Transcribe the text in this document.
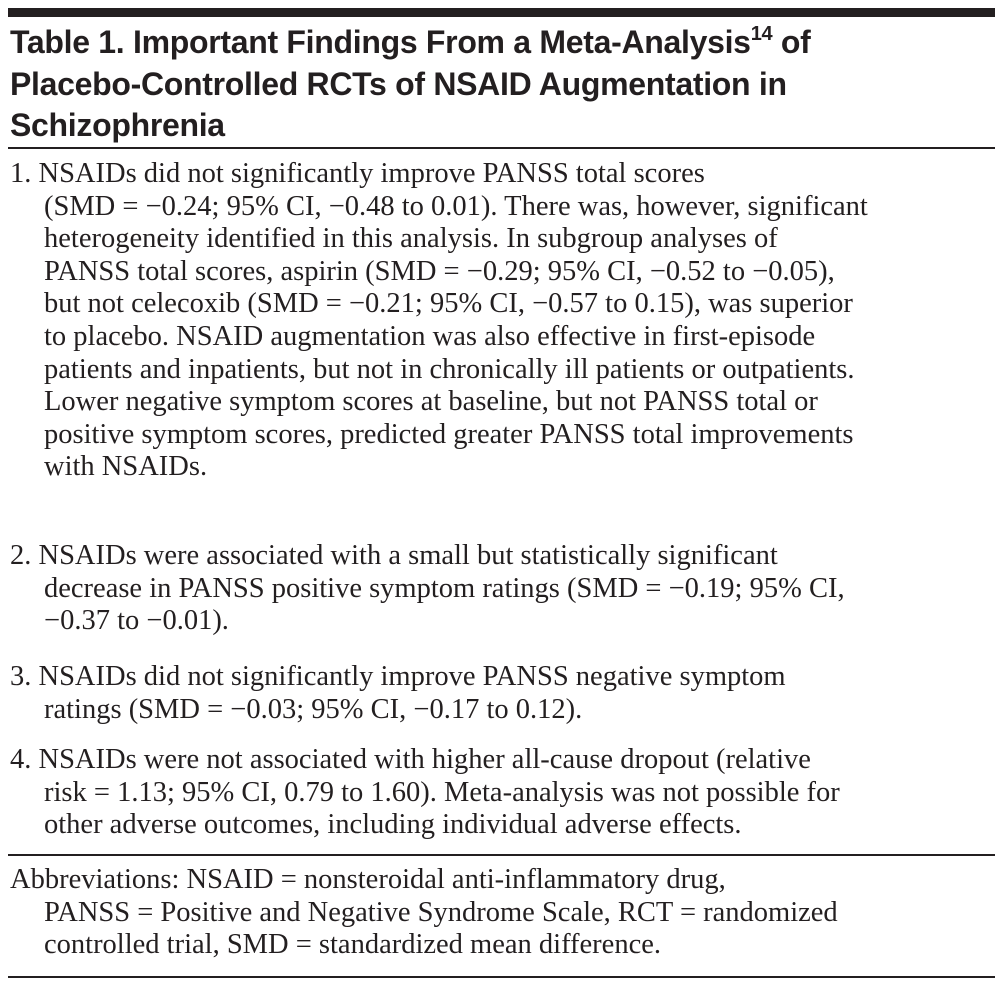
Table 1. Important Findings From a Meta-Analysis$^{14}$ of
Placebo-Controlled RCTs of NSAID Augmentation in
Schizophrenia
1. NSAIDs did not significantly improve PANSS total scores
(SMD = −0.24; 95% CI, −0.48 to 0.01). There was, however, significant
heterogeneity identified in this analysis. In subgroup analyses of
PANSS total scores, aspirin (SMD = −0.29; 95% CI, −0.52 to −0.05),
but not celecoxib (SMD = −0.21; 95% CI, −0.57 to 0.15), was superior
to placebo. NSAID augmentation was also effective in first-episode
patients and inpatients, but not in chronically ill patients or outpatients.
Lower negative symptom scores at baseline, but not PANSS total or
positive symptom scores, predicted greater PANSS total improvements
with NSAIDs.
2. NSAIDs were associated with a small but statistically significant
decrease in PANSS positive symptom ratings (SMD = −0.19; 95% CI,
−0.37 to −0.01).
3. NSAIDs did not significantly improve PANSS negative symptom
ratings (SMD = −0.03; 95% CI, −0.17 to 0.12).
4. NSAIDs were not associated with higher all-cause dropout (relative
risk = 1.13; 95% CI, 0.79 to 1.60). Meta-analysis was not possible for
other adverse outcomes, including individual adverse effects.
Abbreviations: NSAID = nonsteroidal anti-inflammatory drug,
PANSS = Positive and Negative Syndrome Scale, RCT = randomized
controlled trial, SMD = standardized mean difference.
